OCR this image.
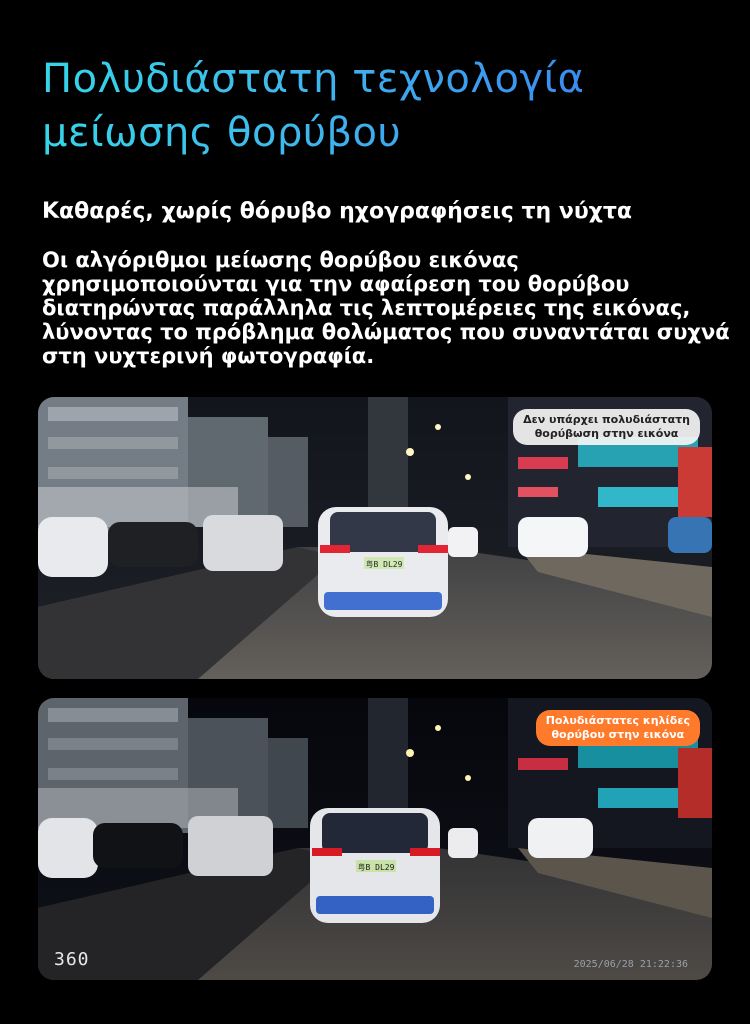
Πολυδιάστατη τεχνολογία
μείωσης θορύβου

Καθαρές, χωρίς θόρυβο ηχογραφήσεις τη νύχτα

Οι αλγόριθμοι μείωσης θορύβου εικόνας χρησιμοποιούνται για την αφαίρεση του θορύβου διατηρώντας παράλληλα τις λεπτομέρειες της εικόνας, λύνοντας το πρόβλημα θολώματος που συναντάται συχνά στη νυχτερινή φωτογραφία.

粤B DL29
Δεν υπάρχει πολυδιάστατη
θορύβωση στην εικόνα
粤B DL29
Πολυδιάστατες κηλίδες
θορύβου στην εικόνα
360	2025/06/28 21:22:36
